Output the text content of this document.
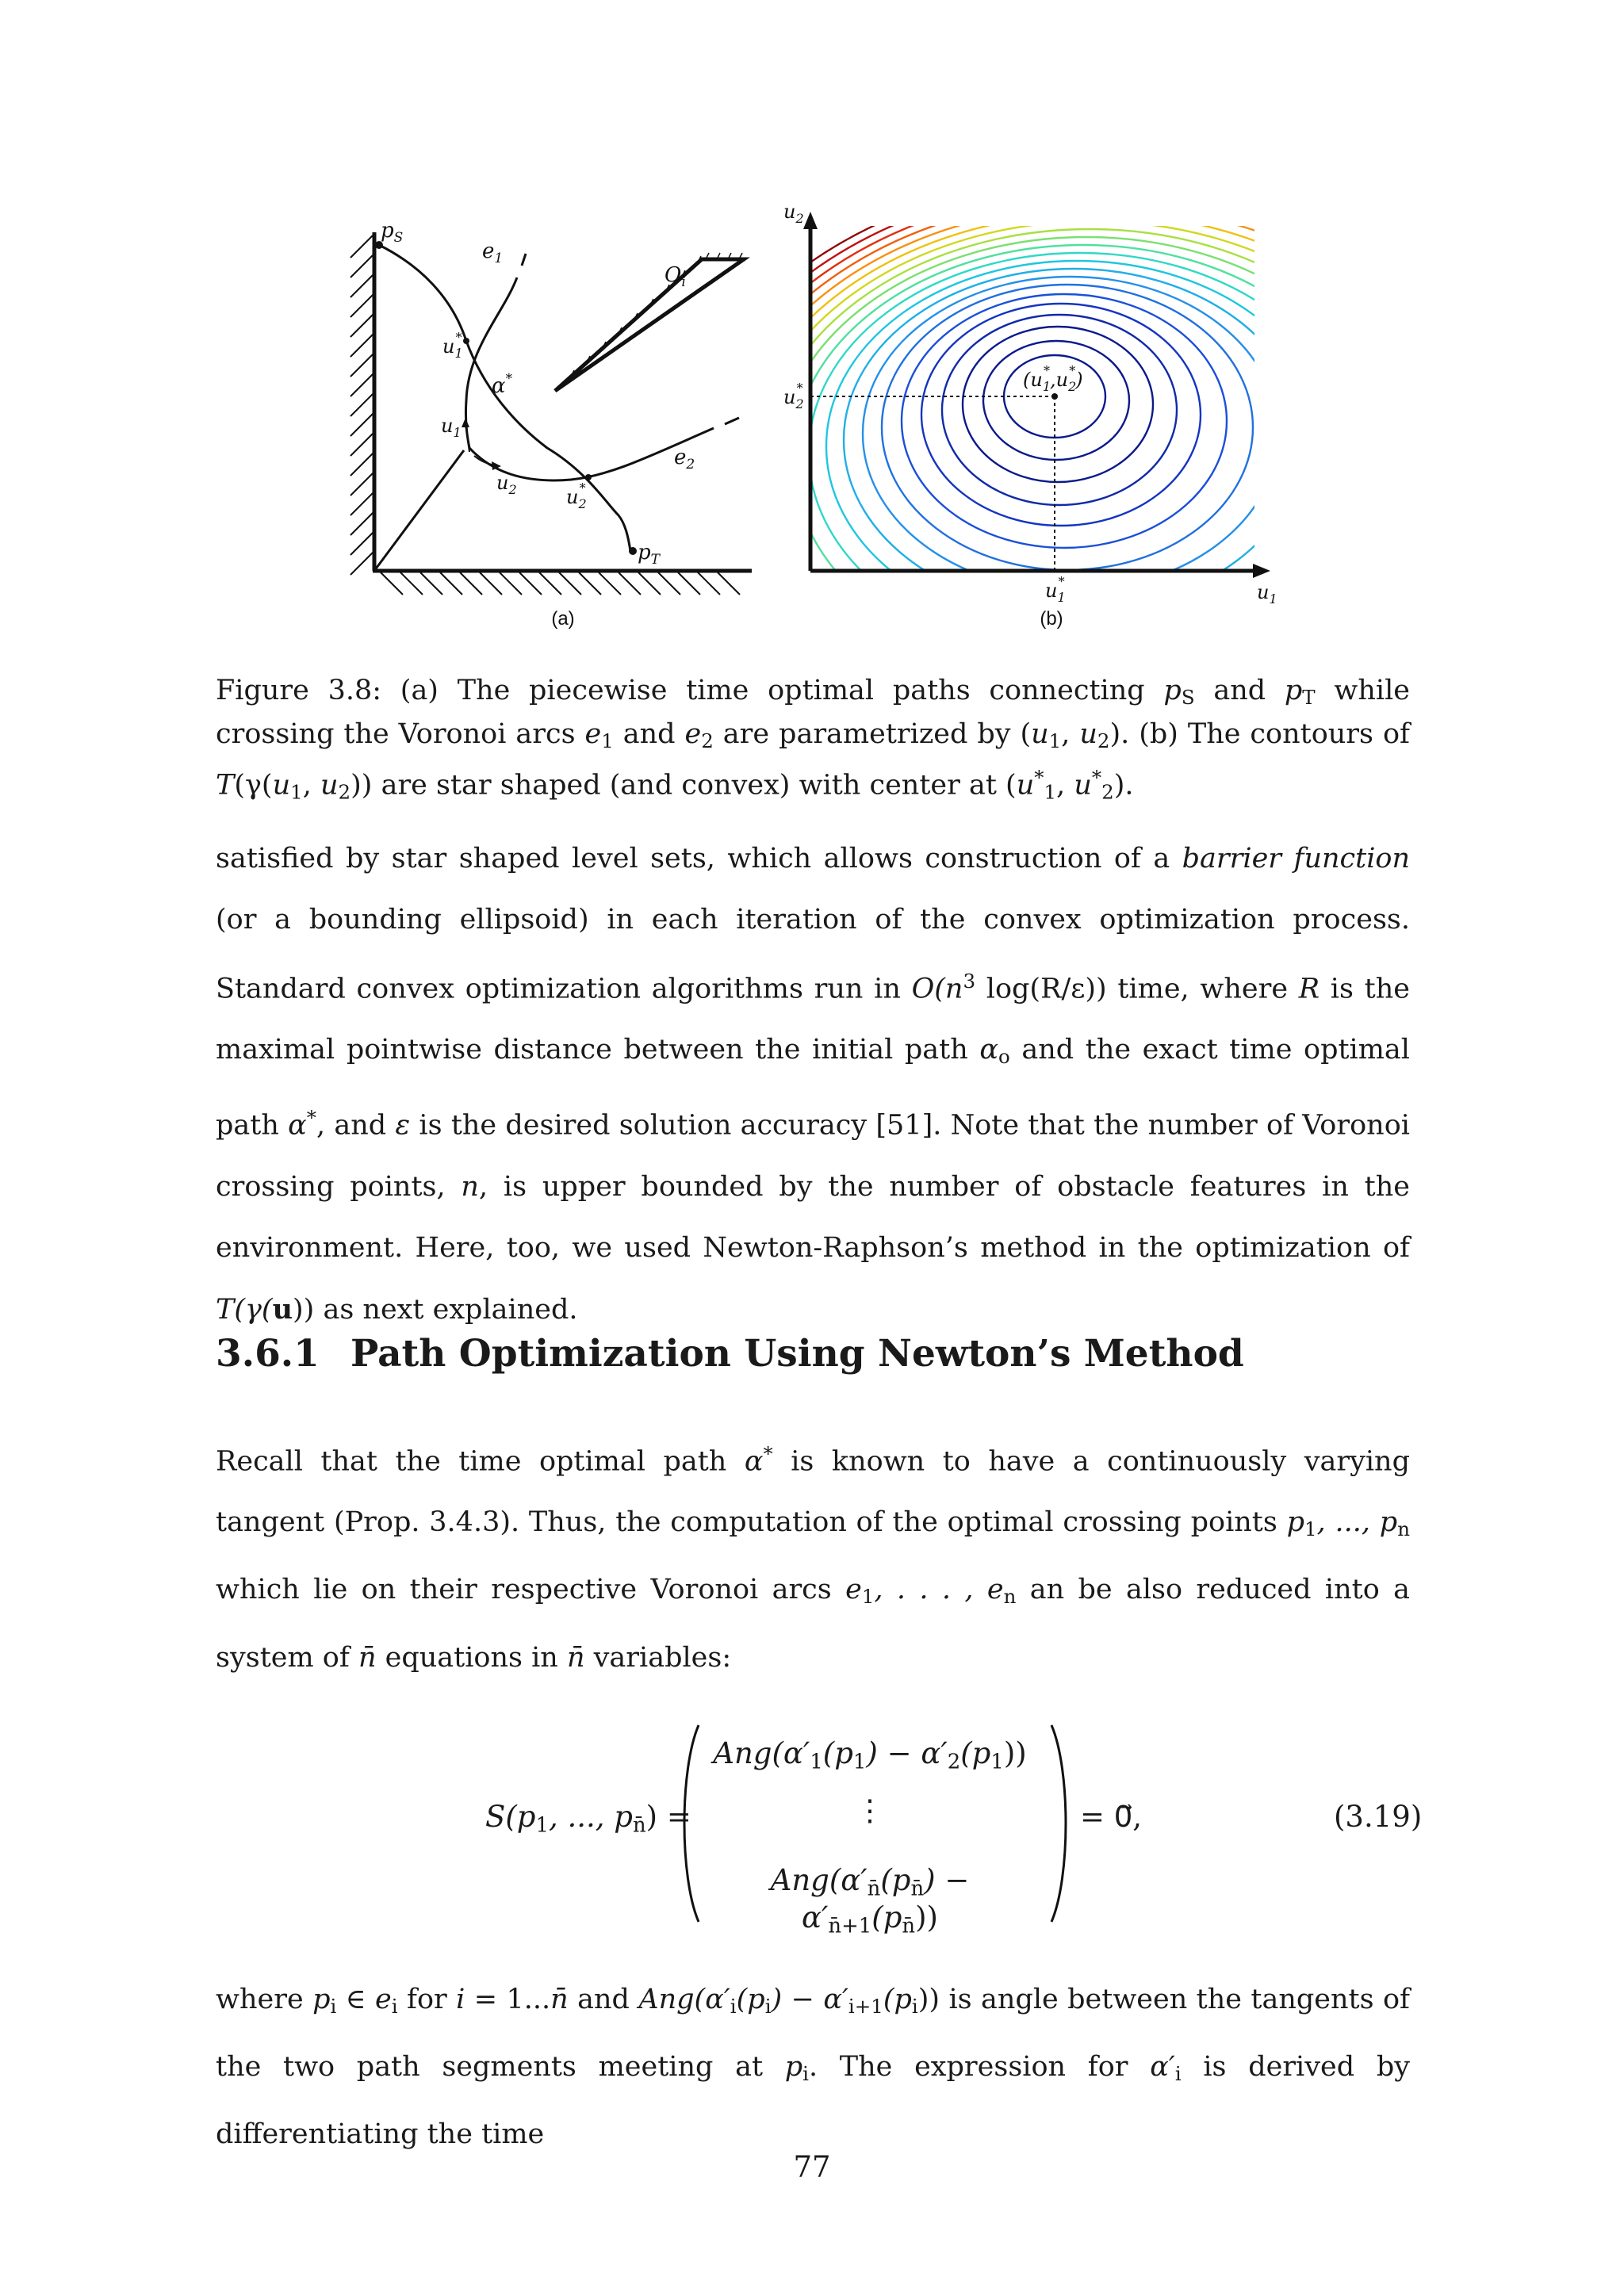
$p_S$
$e_1$
$u_1*$
α*
$u_1$
$u_2$	$u_2*$
$e_2$
$p_T$
$O_i$
(a)
$u_2$
$u_1$
$u_2*$
$u_1*$
$(u_1*,u_2*)$
(b)

Figure 3.8: (a) The piecewise time optimal paths connecting $p_S$ and $p_T$ while crossing the Voronoi arcs $e_1$ and $e_2$ are parametrized by ($u_1$, $u_2$). (b) The contours of $T(\gamma(u_1$, $u_2$)) are star shaped (and convex) with center at ($u^*_1$, $u^*_2$).

satisfied by star shaped level sets, which allows construction of a barrier function (or a bounding ellipsoid) in each iteration of the convex optimization process. Standard convex optimization algorithms run in $O(n^3$ log(R/ε)) time, where R is the maximal pointwise distance between the initial path $\alpha_o$ and the exact time optimal path α*, and ε is the desired solution accuracy [51]. Note that the number of Voronoi crossing points, n, is upper bounded by the number of obstacle features in the environment. Here, too, we used Newton-Raphson’s method in the optimization of T(γ(u)) as next explained.

3.6.1 Path Optimization Using Newton’s Method

Recall that the time optimal path α* is known to have a continuously varying tangent (Prop. 3.4.3). Thus, the computation of the optimal crossing points $p_1$, ..., $p_n$ which lie on their respective Voronoi arcs $e_1$, . . . , $e_n$ an be also reduced into a system of n̄ equations in n̄ variables:

$S(p_1$, ..., $p_{n̄}$) =
$Ang(\alpha'_1(p_1) - \alpha'_2(p_1))$
⋮
$Ang(\alpha'_{n̄}(p_{n̄}) - \alpha'_{n̄+1}(p_{n̄}))$
= 0⃗,	(3.19)

where $p_i$ ∈ $e_i$ for i = 1...n̄ and $Ang(\alpha'_i(p_i) - \alpha'_{i+1}(p_i))$ is angle between the tangents of the two path segments meeting at $p_i$. The expression for $\alpha'_i$ is derived by differentiating the time

77
